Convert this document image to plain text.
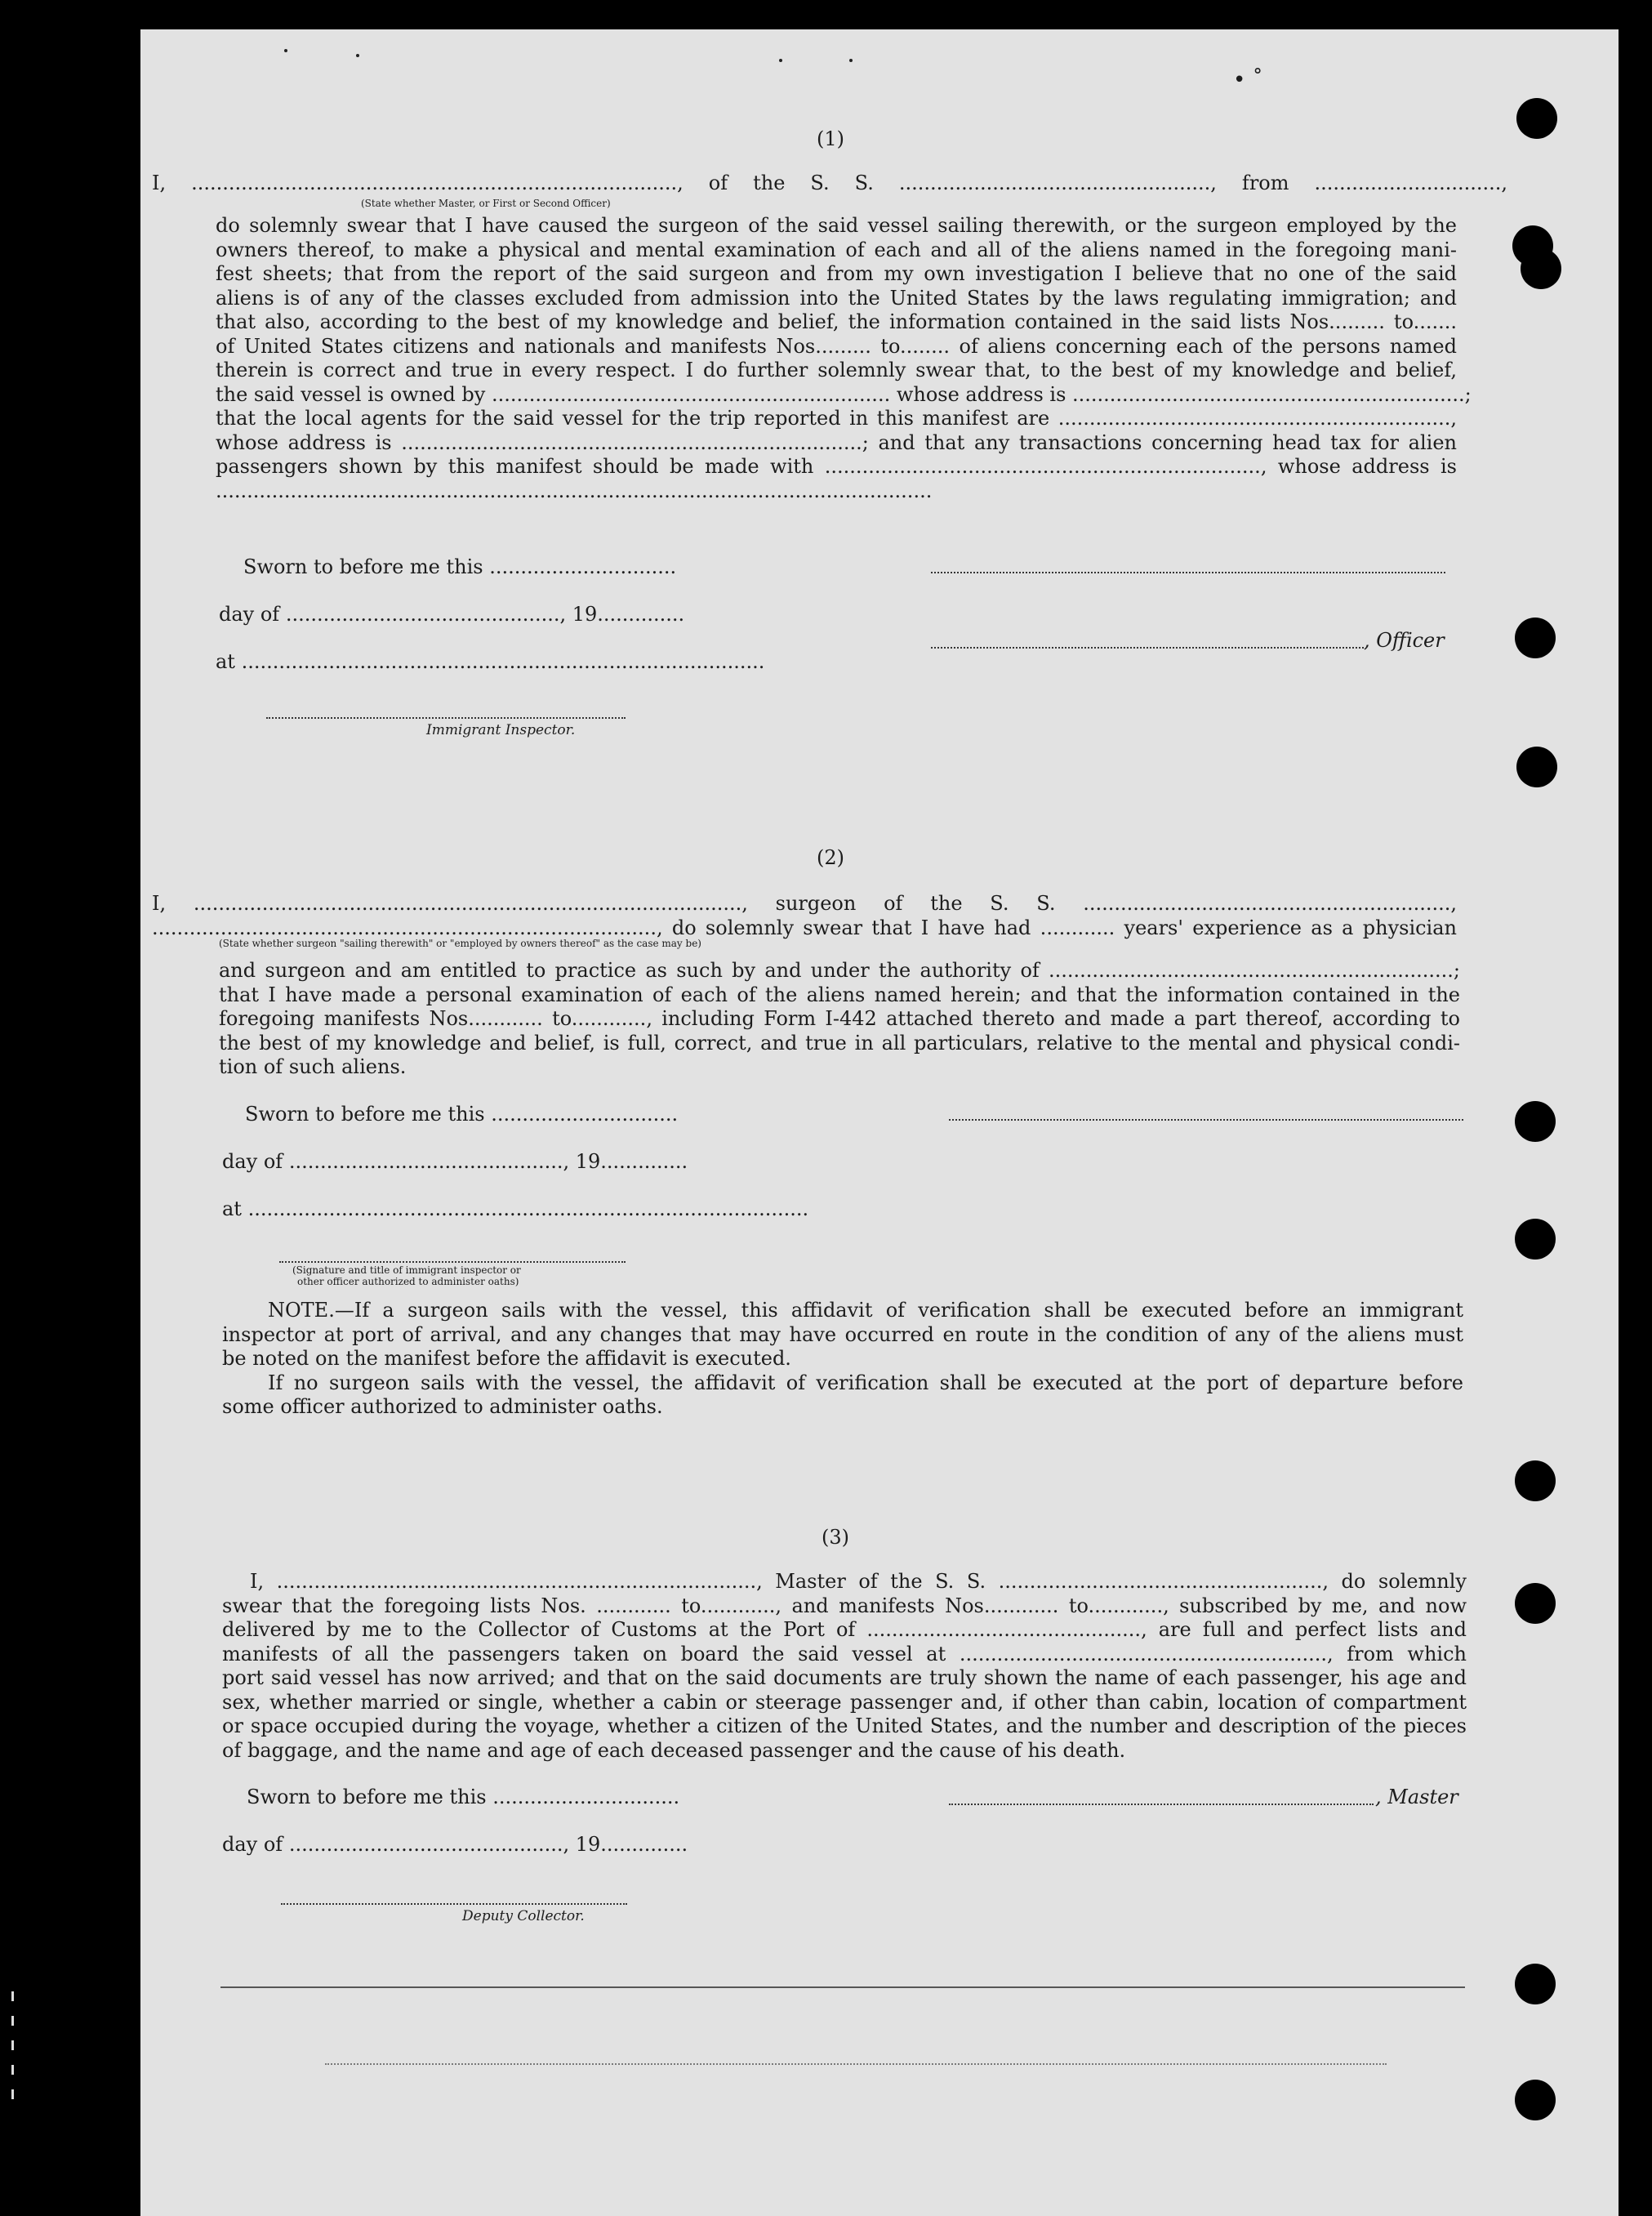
• ˚
(1)
I, .............................................................................., of the S. S. .................................................., from ..............................,
(State whether Master, or First or Second Officer)
do solemnly swear that I have caused the surgeon of the said vessel sailing therewith, or the surgeon employed by the
owners thereof, to make a physical and mental examination of each and all of the aliens named in the foregoing mani-
fest sheets; that from the report of the said surgeon and from my own investigation I believe that no one of the said
aliens is of any of the classes excluded from admission into the United States by the laws regulating immigration; and
that also, according to the best of my knowledge and belief, the information contained in the said lists Nos......... to.......
of United States citizens and nationals and manifests Nos......... to........ of aliens concerning each of the persons named
therein is correct and true in every respect. I do further solemnly swear that, to the best of my knowledge and belief,
the said vessel is owned by ................................................................ whose address is ...............................................................;
that the local agents for the said vessel for the trip reported in this manifest are ...............................................................,
whose address is ..........................................................................; and that any transactions concerning head tax for alien
passengers shown by this manifest should be made with ......................................................................, whose address is
...................................................................................................................
Sworn to before me this ..............................
day of ............................................, 19..............
at ....................................................................................
Immigrant Inspector.
, Officer
(2)
I, ........................................................................................, surgeon of the S. S. ...........................................................,
................................................................................., do solemnly swear that I have had ............ years' experience as a physician
(State whether surgeon "sailing therewith" or "employed by owners thereof" as the case may be)
and surgeon and am entitled to practice as such by and under the authority of .................................................................;
that I have made a personal examination of each of the aliens named herein; and that the information contained in the
foregoing manifests Nos............ to............, including Form I-442 attached thereto and made a part thereof, according to
the best of my knowledge and belief, is full, correct, and true in all particulars, relative to the mental and physical condi-
tion of such aliens.
Sworn to before me this ..............................
day of ............................................, 19..............
at ..........................................................................................
(Signature and title of immigrant inspector or
other officer authorized to administer oaths)
NOTE.—If a surgeon sails with the vessel, this affidavit of verification shall be executed before an immigrant
inspector at port of arrival, and any changes that may have occurred en route in the condition of any of the aliens must
be noted on the manifest before the affidavit is executed.
If no surgeon sails with the vessel, the affidavit of verification shall be executed at the port of departure before
some officer authorized to administer oaths.
(3)
I, ............................................................................., Master of the S. S. ...................................................., do solemnly
swear that the foregoing lists Nos. ............ to............, and manifests Nos............ to............, subscribed by me, and now
delivered by me to the Collector of Customs at the Port of ............................................, are full and perfect lists and
manifests of all the passengers taken on board the said vessel at ..........................................................., from which
port said vessel has now arrived; and that on the said documents are truly shown the name of each passenger, his age and
sex, whether married or single, whether a cabin or steerage passenger and, if other than cabin, location of compartment
or space occupied during the voyage, whether a citizen of the United States, and the number and description of the pieces
of baggage, and the name and age of each deceased passenger and the cause of his death.
Sworn to before me this ..............................	, Master
day of ............................................, 19..............
Deputy Collector.
